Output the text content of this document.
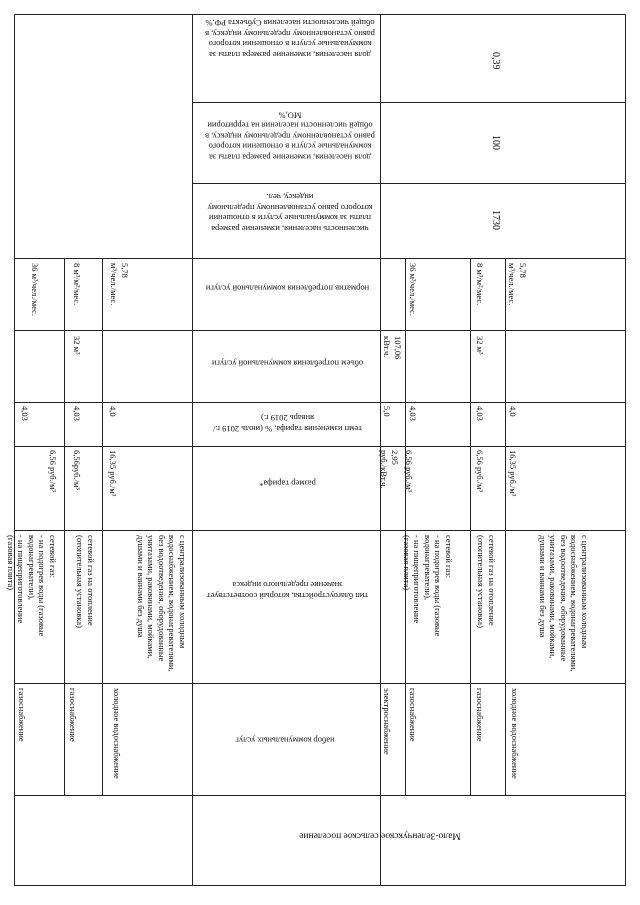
набор коммунальных услуг
тип благоустройства, который соответствует значение предельного индекса
размер тарифа*
темп изменения тарифа, % (июль 2019 г./январь 2019 г.)
объем потребления коммунальной услуги
норматив потребления коммунальной услуги
численность населения, изменение размера платы за коммунальные услуги в отношении которого равно установленному предельному индексу, чел.
доля населения, изменение размера платы за коммунальные услуги в отношении которого равно установленному предельному индексу, в общей численности населения на территории МО,%
доля населения, изменение размера платы за коммунальные услуги в отношении которого равно установленному предельному индексу, в общей численности населения Субъекта РФ,%
1730
100
0,39
газоснабжение
сетевой газ:
- на подогрев воды (газовые водонагреватели),
- на пищеприготовление
(газовая плита)
6,56 руб./м³
4,03
36 м³/чел./мес.
газоснабжение
сетевой газ на отопление
(отопительная установка)
6,56руб./м³
4,03
32 м³
8 м³/м²/мес.
холодное водоснабжение
с централизованным холодным водоснабжением, водонагревателями, без водоотведения, оборудованные унитазами, раковинами, мойками, душами и ваннами без душа
16,35 руб./м³
4,0
5,78
м³/чел./мес.
электроснабжение
2,95
руб./кВт.ч.
5,0
107,06
кВт.ч.
газоснабжение
сетевой газ:
- на подогрев воды (газовые водонагреватели),
- на пищеприготовление
(газовая плита)
6,56 руб./м³
4,03
36 м³/чел./мес.
газоснабжение
сетевой газ на отопление
(отопительная установка)
6,56 руб./м³
4,03
32 м³
8 м³/м²/мес.
холодное водоснабжение
с централизованным холодным водоснабжением, водонагревателями, без водоотведения, оборудованные унитазами, раковинами, мойками, душами и ваннами без душа
16,35 руб./м³
4,0
5,78
м³/чел./мес.
Мало-Зеленчукское сельское поселение
